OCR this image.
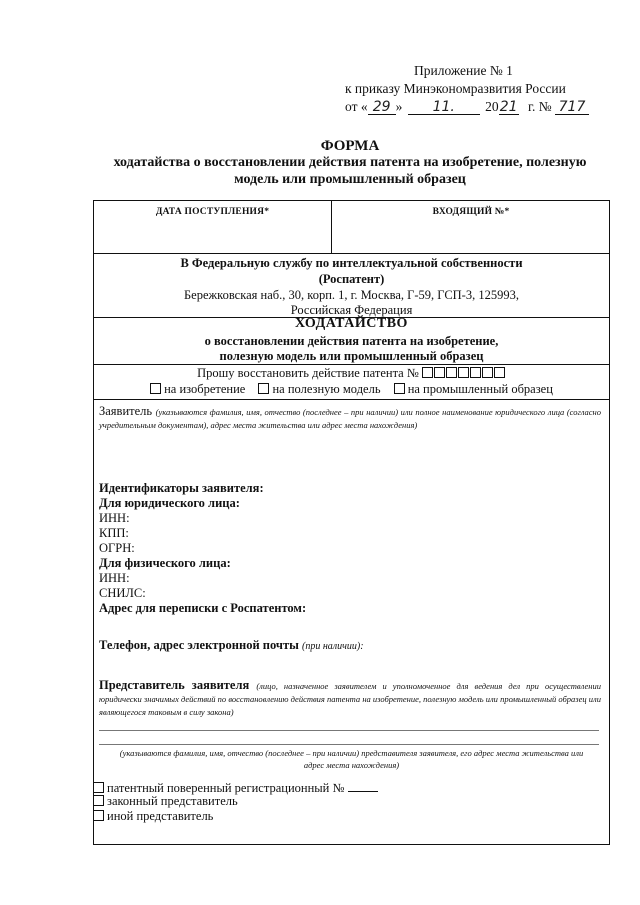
Приложение № 1
к приказу Минэкономразвития России
от « 29 » 11. 2021 г. № 717
ФОРМА
ходатайства о восстановлении действия патента на изобретение, полезную
модель или промышленный образец
ДАТА ПОСТУПЛЕНИЯ*	ВХОДЯЩИЙ №*
В Федеральную службу по интеллектуальной собственности
(Роспатент)
Бережковская наб., 30, корп. 1, г. Москва, Г-59, ГСП-3, 125993,
Российская Федерация
ХОДАТАЙСТВО
о восстановлении действия патента на изобретение,
полезную модель или промышленный образец
Прошу восстановить действие патента №
на изобретение на полезную модель на промышленный образец
Заявитель (указываются фамилия, имя, отчество (последнее – при наличии) или полное наименование юридического лица (согласно учредительным документам), адрес места жительства или адрес места нахождения)
Идентификаторы заявителя:
Для юридического лица:
ИНН:
КПП:
ОГРН:
Для физического лица:
ИНН:
СНИЛС:
Адрес для переписки с Роспатентом:
Телефон, адрес электронной почты (при наличии):
Представитель заявителя (лицо, назначенное заявителем и уполномоченное для ведения дел при осуществлении юридически значимых действий по восстановлению действия патента на изобретение, полезную модель или промышленный образец или являющегося таковым в силу закона)
(указываются фамилия, имя, отчество (последнее – при наличии) представителя заявителя, его адрес места жительства или адрес места нахождения)
патентный поверенный регистрационный №
законный представитель
иной представитель
